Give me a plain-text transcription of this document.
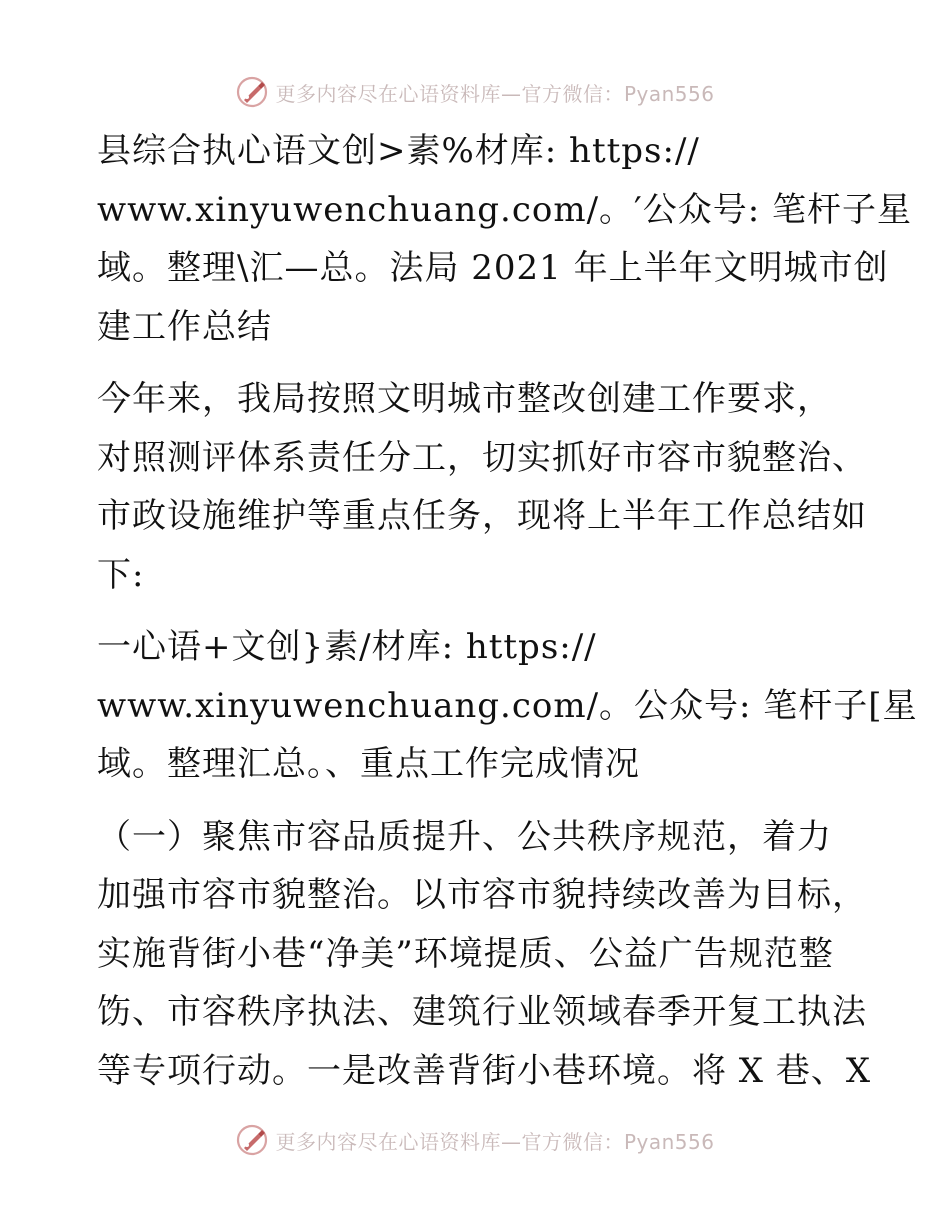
更多内容尽在心语资料库—官方微信：Pyan556
县综合执心语文创>素%材库: https://
www.xinyuwenchuang.com/。′公众号: 笔杆子星
域。整理\汇—总。法局 2021 年上半年文明城市创
建工作总结
今年来，我局按照文明城市整改创建工作要求，
对照测评体系责任分工，切实抓好市容市貌整治、
市政设施维护等重点任务，现将上半年工作总结如
下:
一心语+文创}素/材库: https://
www.xinyuwenchuang.com/。公众号: 笔杆子[星
域。整理汇总。、重点工作完成情况
（一）聚焦市容品质提升、公共秩序规范，着力
加强市容市貌整治。以市容市貌持续改善为目标，
实施背街小巷“净美”环境提质、公益广告规范整
饬、市容秩序执法、建筑行业领域春季开复工执法
等专项行动。一是改善背街小巷环境。将 X 巷、X
更多内容尽在心语资料库—官方微信：Pyan556
